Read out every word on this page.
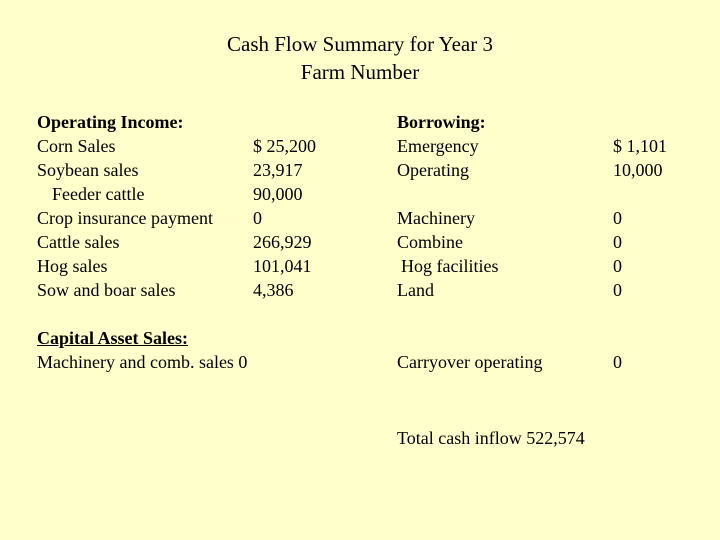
Cash Flow Summary for Year 3
Farm Number
Operating Income:
Corn Sales	$ 25,200
Soybean sales	23,917
Feeder cattle	90,000
Crop insurance payment 0
Cattle sales	266,929
Hog sales	101,041
Sow and boar sales	4,386
Capital Asset Sales:
Machinery and comb. sales 0
Borrowing:
Emergency	$ 1,101
Operating	10,000
Machinery	0
Combine	0
Hog facilities	0
Land	0
Carryover operating	0
Total cash inflow 522,574
